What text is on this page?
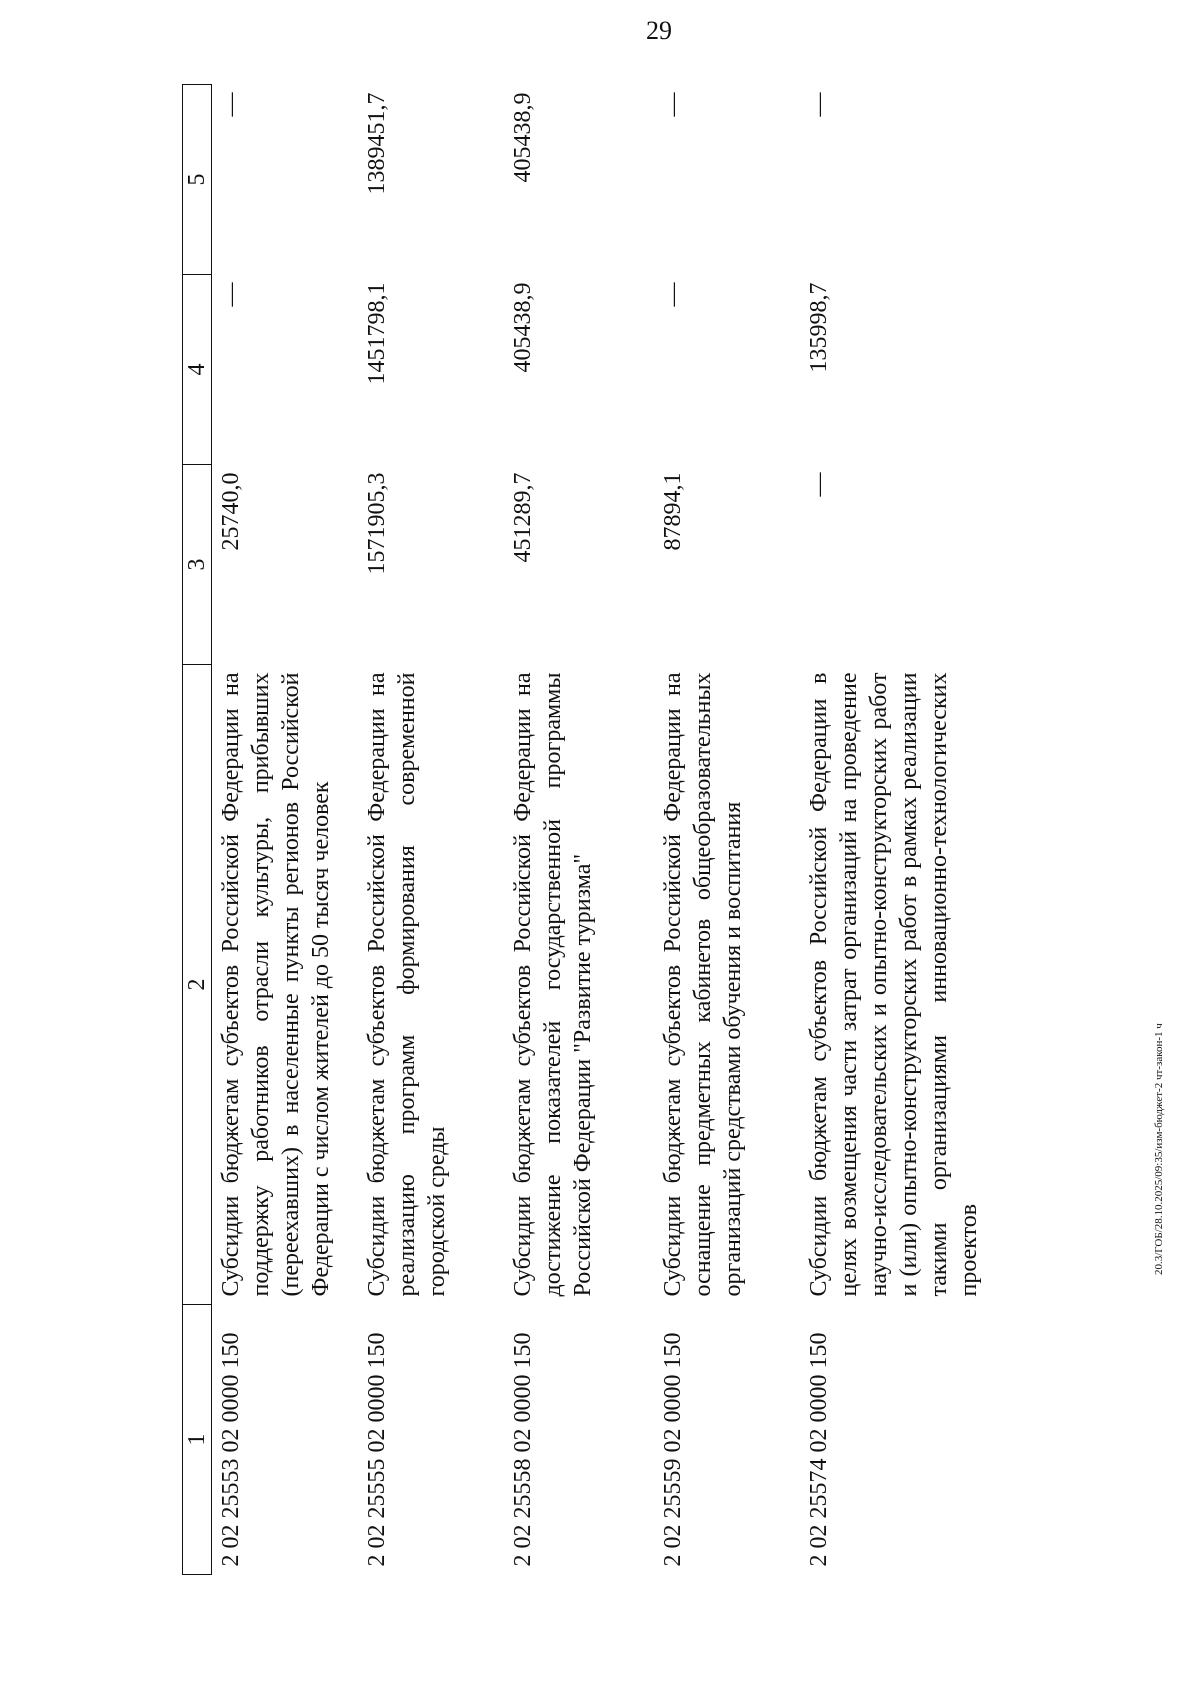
29
20.3/ГОБ/28.10.2025/09:35/изм-бюджет-2 чт-закон-1 ч
1	2	3	4	5
2 02 25553 02 0000 150	Субсидии бюджетам субъектов Российской Федерации на поддержку работников отрасли культуры, прибывших (переехавших) в населенные пункты регионов Российской Федерации с числом жителей до 50 тысяч человек	25740,0	—	—
2 02 25555 02 0000 150	Субсидии бюджетам субъектов Российской Федерации на реализацию программ формирования современной городской среды	1571905,3	1451798,1	1389451,7
2 02 25558 02 0000 150	Субсидии бюджетам субъектов Российской Федерации на достижение показателей государственной программы Российской Федерации "Развитие туризма"	451289,7	405438,9	405438,9
2 02 25559 02 0000 150	Субсидии бюджетам субъектов Российской Федерации на оснащение предметных кабинетов общеобразовательных организаций средствами обучения и воспитания	87894,1	—	—
2 02 25574 02 0000 150	Субсидии бюджетам субъектов Российской Федерации в целях возмещения части затрат организаций на проведение научно-исследовательских и опытно-конструкторских работ и (или) опытно-конструкторских работ в рамках реализации такими организациями инновационно-технологических проектов	—	135998,7	—
